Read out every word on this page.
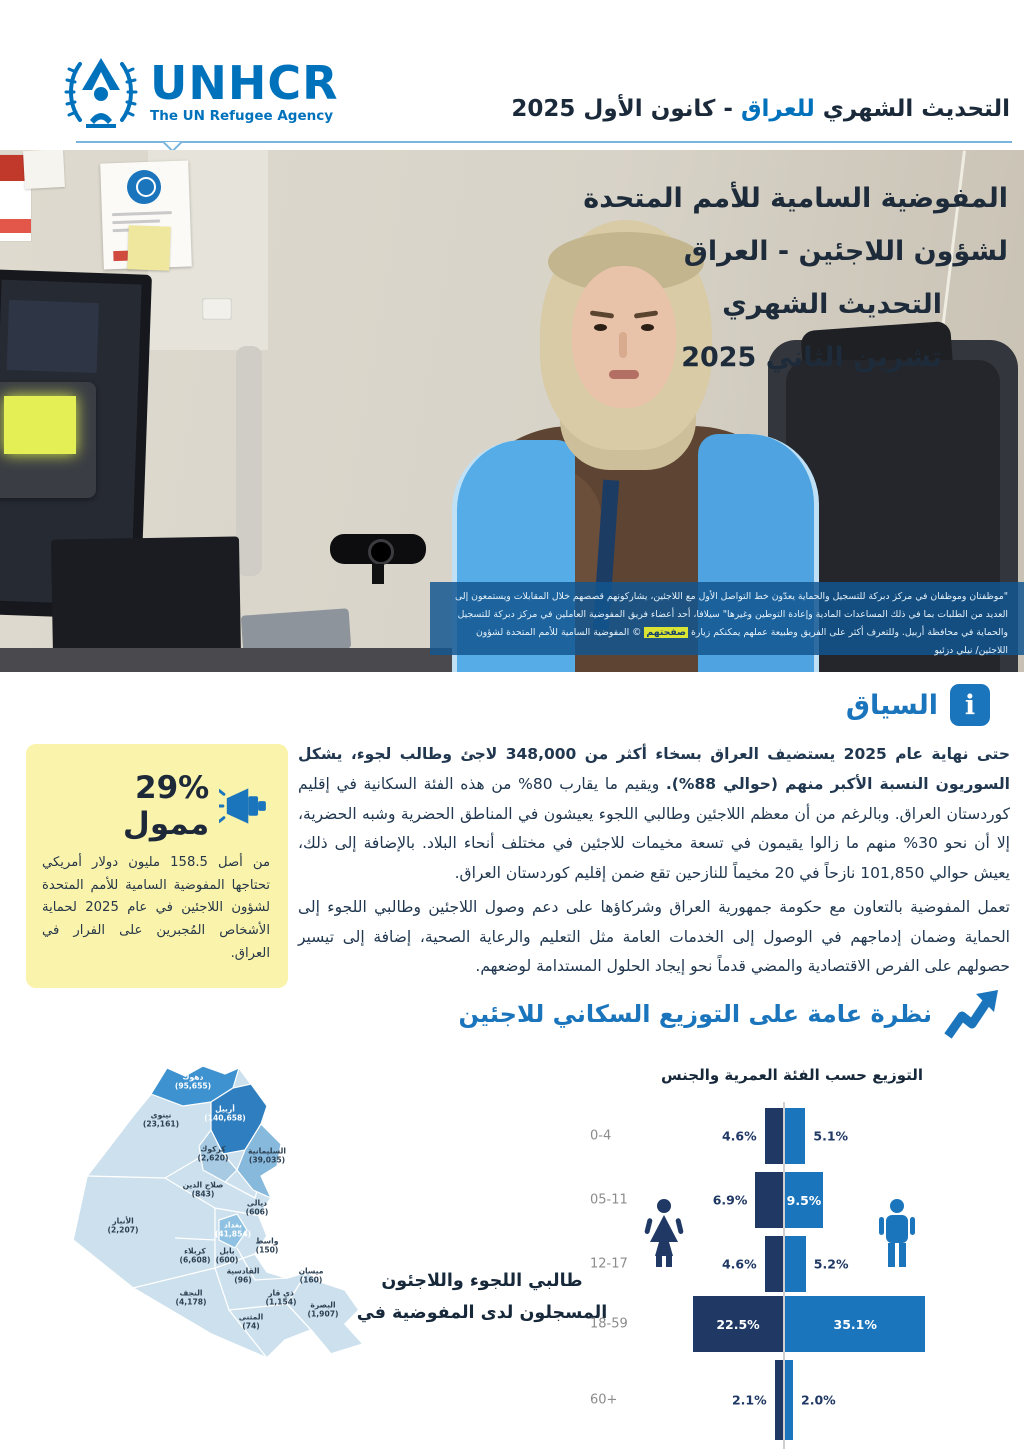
UNHCR
The UN Refugee Agency	التحديث الشهري للعراق - كانون الأول 2025
المفوضية السامية للأمم المتحدة
لشؤون اللاجئين - العراق
التحديث الشهري
تشرين الثاني 2025
"موظفتان وموظفان في مركز دبركة للتسجيل والحماية يعدّون خط التواصل الأول مع اللاجئين، يشاركونهم قصصهم خلال المقابلات ويستمعون إلى العديد من الطلبات بما في ذلك المساعدات المادية وإعادة التوطين وغيرها" سيلافا، أحد أعضاء فريق المفوضية العاملين في مركز دبركة للتسجيل والحماية في محافظة أربيل. وللتعرف أكثر على الفريق وطبيعة عملهم يمكنكم زيارة صفحتهم © المفوضية السامية للأمم المتحدة لشؤون اللاجئين/ نيلي دزئيو
i
السياق

حتى نهاية عام 2025 يستضيف العراق بسخاء أكثر من 348,000 لاجئ وطالب لجوء، يشكل السوريون النسبة الأكبر منهم (حوالي 88%). ويقيم ما يقارب 80% من هذه الفئة السكانية في إقليم كوردستان العراق. وبالرغم من أن معظم اللاجئين وطالبي اللجوء يعيشون في المناطق الحضرية وشبه الحضرية، إلا أن نحو 30% منهم ما زالوا يقيمون في تسعة مخيمات للاجئين في مختلف أنحاء البلاد. بالإضافة إلى ذلك، يعيش حوالي 101,850 نازحاً في 20 مخيماً للنازحين تقع ضمن إقليم كوردستان العراق.

تعمل المفوضية بالتعاون مع حكومة جمهورية العراق وشركاؤها على دعم وصول اللاجئين وطالبي اللجوء إلى الحماية وضمان إدماجهم في الوصول إلى الخدمات العامة مثل التعليم والرعاية الصحية، إضافة إلى تيسير حصولهم على الفرص الاقتصادية والمضي قدماً نحو إيجاد الحلول المستدامة لوضعهم.

29% ممول
من أصل 158.5 مليون دولار أمريكي تحتاجها المفوضية السامية للأمم المتحدة لشؤون اللاجئين في عام 2025 لحماية الأشخاص المُجبرين على الفرار في العراق.
نظرة عامة على التوزيع السكاني للاجئين
دهوك
(95,655)
أربيل
(140,658)
كركوك
(2,620)
السليمانية
(39,035)
نينوى
(23,161)
صلاح الدين
(843)
ديالى
(606)
بغداد
(41,854)
الأنبار
(2,207)
كربلاء
(6,608)
بابل
(600)
واسط
(150)
القادسية
(96)
النجف
(4,178)
ذي قار
(1,154)
ميسان
(160)
المثنى
(74)
البصرة
(1,907)
طالبي اللجوء واللاجئون المسجلون لدى المفوضية في
التوزيع حسب الفئة العمرية والجنس
0-4	4.6%	5.1%
05-11	6.9%	9.5%
12-17	4.6%	5.2%
18-59	22.5%	35.1%
60+	2.1%	2.0%
